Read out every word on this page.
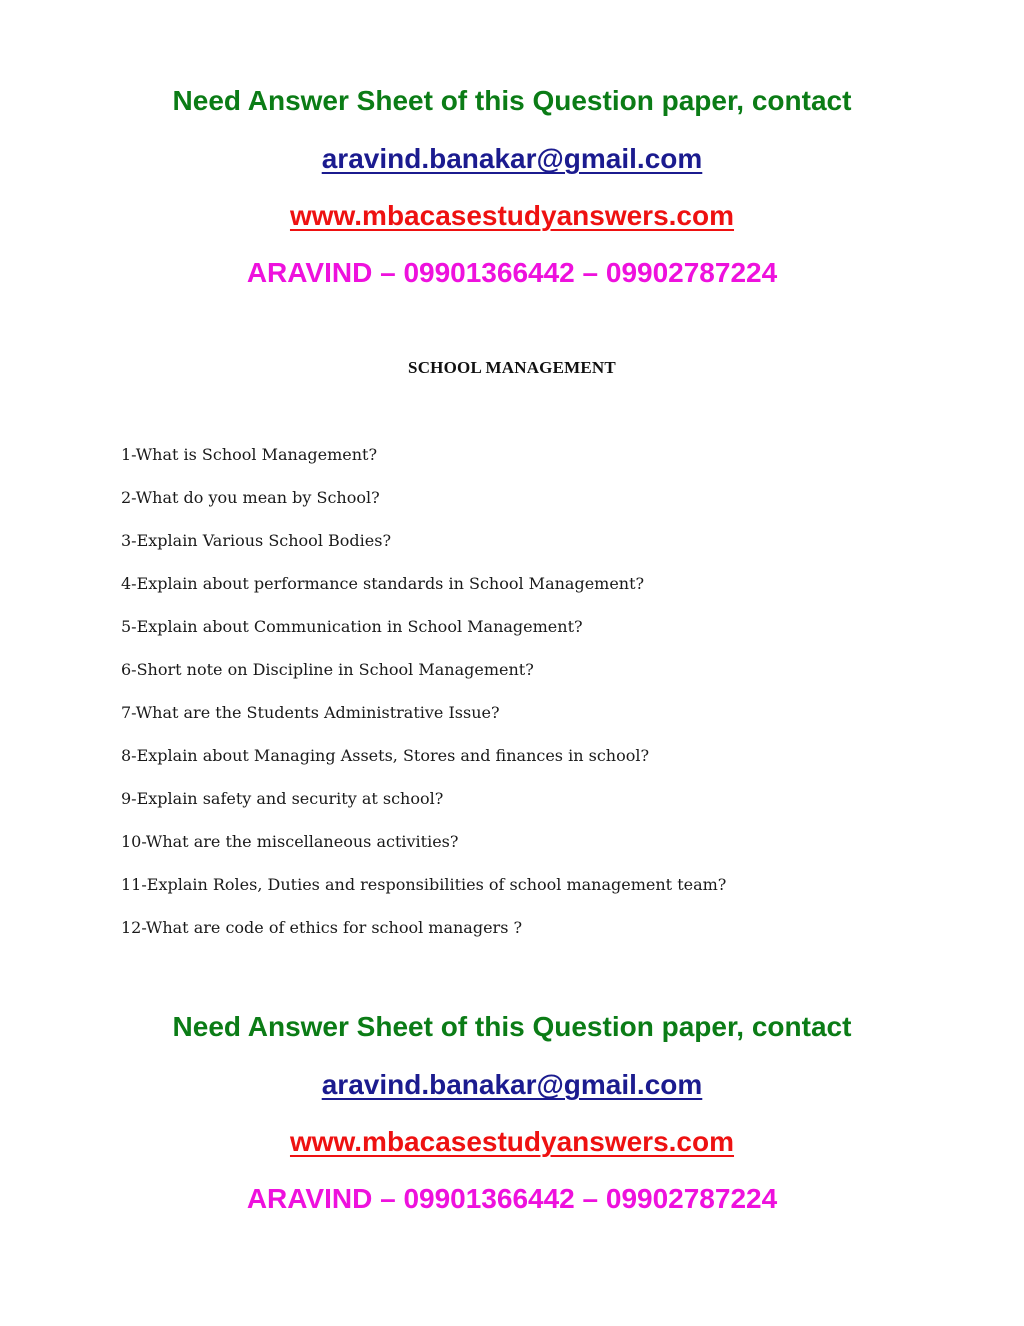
Need Answer Sheet of this Question paper, contact
aravind.banakar@gmail.com
www.mbacasestudyanswers.com
ARAVIND – 09901366442 – 09902787224
SCHOOL MANAGEMENT
1-What is School Management?
2-What do you mean by School?
3-Explain Various School Bodies?
4-Explain about performance standards in School Management?
5-Explain about Communication in School Management?
6-Short note on Discipline in School Management?
7-What are the Students Administrative Issue?
8-Explain about Managing Assets, Stores and finances in school?
9-Explain safety and security at school?
10-What are the miscellaneous activities?
11-Explain Roles, Duties and responsibilities of school management team?
12-What are code of ethics for school managers ?
Need Answer Sheet of this Question paper, contact
aravind.banakar@gmail.com
www.mbacasestudyanswers.com
ARAVIND – 09901366442 – 09902787224
